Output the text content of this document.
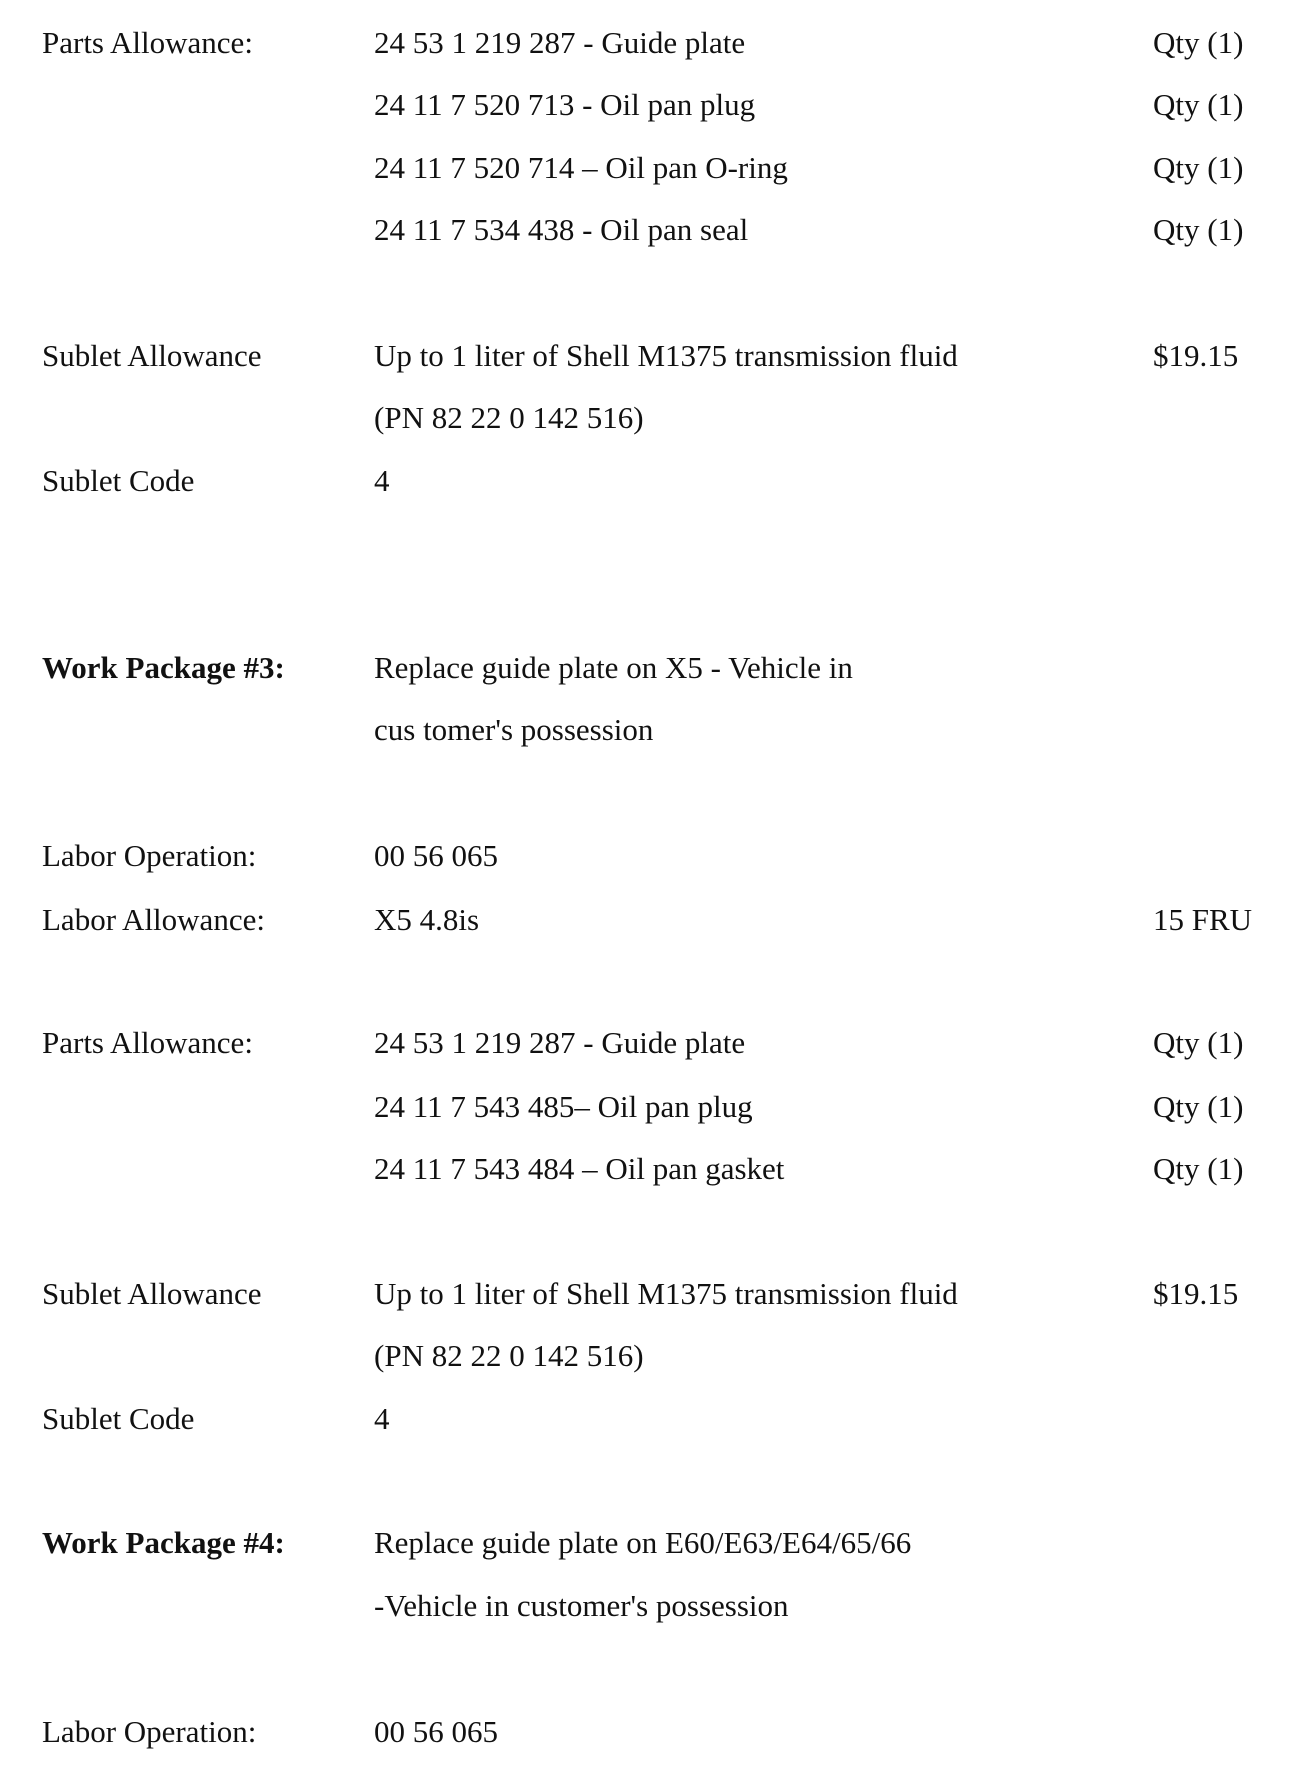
Parts Allowance:	24 53 1 219 287 - Guide plate	Qty (1)
24 11 7 520 713 - Oil pan plug	Qty (1)
24 11 7 520 714 – Oil pan O-ring	Qty (1)
24 11 7 534 438 - Oil pan seal	Qty (1)
Sublet Allowance	Up to 1 liter of Shell M1375 transmission fluid	$19.15
(PN 82 22 0 142 516)
Sublet Code	4
Work Package #3:	Replace guide plate on X5 - Vehicle in
cus tomer's possession
Labor Operation:	00 56 065
Labor Allowance:	X5 4.8is	15 FRU
Parts Allowance:	24 53 1 219 287 - Guide plate	Qty (1)
24 11 7 543 485– Oil pan plug	Qty (1)
24 11 7 543 484 – Oil pan gasket	Qty (1)
Sublet Allowance	Up to 1 liter of Shell M1375 transmission fluid	$19.15
(PN 82 22 0 142 516)
Sublet Code	4
Work Package #4:	Replace guide plate on E60/E63/E64/65/66
-Vehicle in customer's possession
Labor Operation:	00 56 065
